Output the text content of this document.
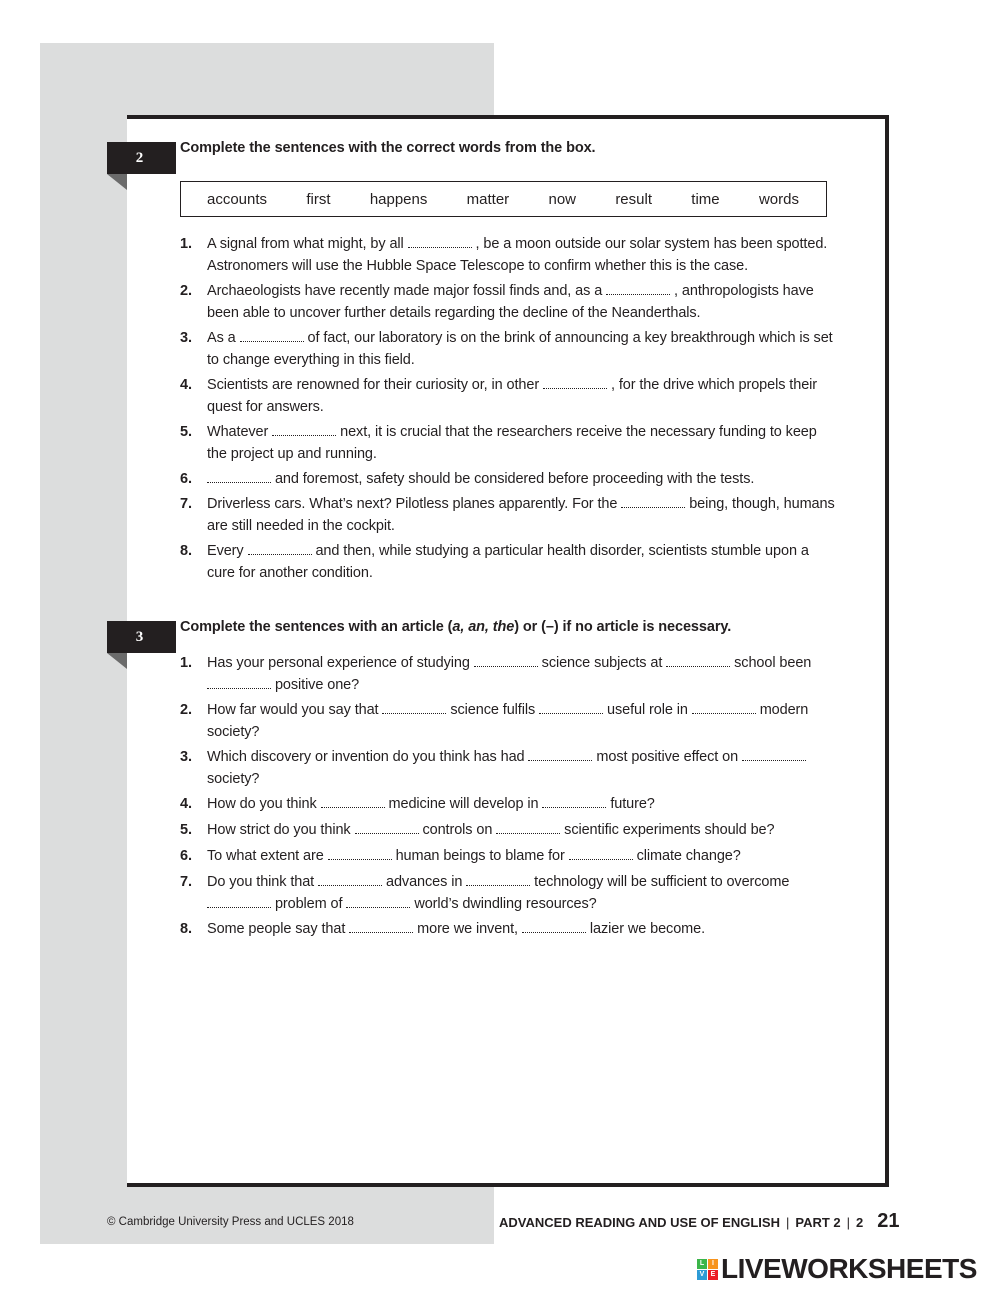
2
Complete the sentences with the correct words from the box.
accounts	first	happens	matter	now	result	time	words
1. A signal from what might, by all	, be a moon outside our solar system has been spotted. Astronomers will use the Hubble Space Telescope to confirm whether this is the case.
2. Archaeologists have recently made major fossil finds and, as a	, anthropologists have been able to uncover further details regarding the decline of the Neanderthals.
3. As a	of fact, our laboratory is on the brink of announcing a key breakthrough which is set to change everything in this field.
4. Scientists are renowned for their curiosity or, in other	, for the drive which propels their quest for answers.
5. Whatever	next, it is crucial that the researchers receive the necessary funding to keep the project up and running.
6.	and foremost, safety should be considered before proceeding with the tests.
7. Driverless cars. What’s next? Pilotless planes apparently. For the	being, though, humans are still needed in the cockpit.
8. Every	and then, while studying a particular health disorder, scientists stumble upon a cure for another condition.
3
Complete the sentences with an article (a, an, the) or (–) if no article is necessary.
1. Has your personal experience of studying	science subjects at	school been
positive one?
2. How far would you say that	science fulfils	useful role in	modern society?
3. Which discovery or invention do you think has had	most positive effect on  society?
4. How do you think	medicine will develop in	future?
5. How strict do you think	controls on	scientific experiments should be?
6. To what extent are	human beings to blame for	climate change?
7. Do you think that	advances in	technology will be sufficient to overcome
problem of	world’s dwindling resources?
8. Some people say that	more we invent,	lazier we become.
© Cambridge University Press and UCLES 2018	ADVANCED READING AND USE OF ENGLISH | PART 2 | 2 21
L	I
V E LIVEWORKSHEETS
